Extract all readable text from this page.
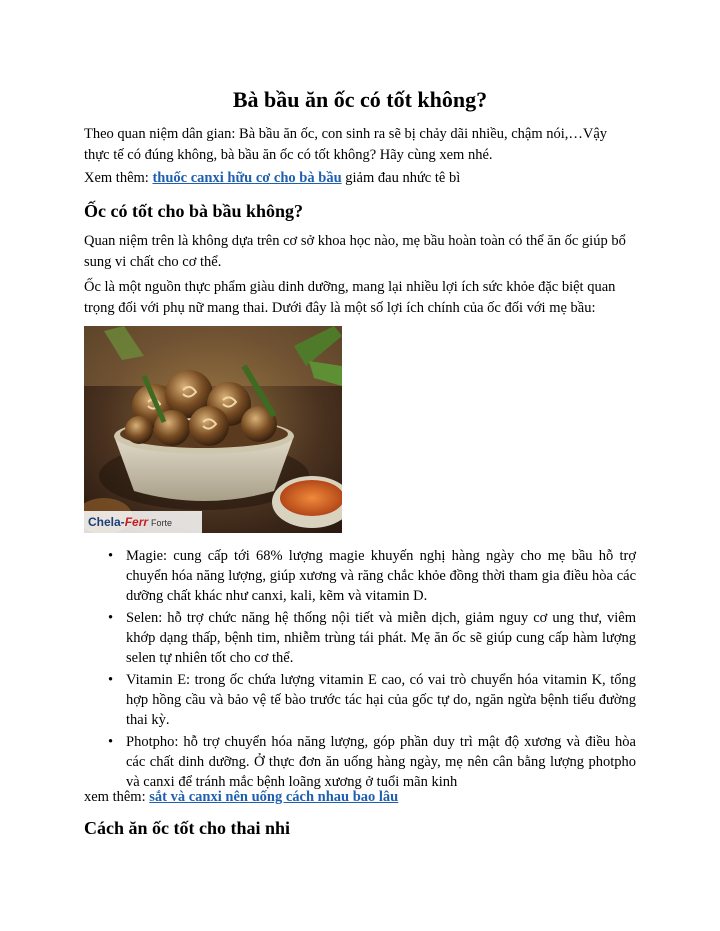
Bà bầu ăn ốc có tốt không?

Theo quan niệm dân gian: Bà bầu ăn ốc, con sinh ra sẽ bị chảy dãi nhiều, chậm nói,…Vậy thực tế có đúng không, bà bầu ăn ốc có tốt không? Hãy cùng xem nhé.

Xem thêm: thuốc canxi hữu cơ cho bà bầu giảm đau nhức tê bì

Ốc có tốt cho bà bầu không?

Quan niệm trên là không dựa trên cơ sở khoa học nào, mẹ bầu hoàn toàn có thể ăn ốc giúp bổ sung vi chất cho cơ thể.

Ốc là một nguồn thực phẩm giàu dinh dưỡng, mang lại nhiều lợi ích sức khỏe đặc biệt quan trọng đối với phụ nữ mang thai. Dưới đây là một số lợi ích chính của ốc đối với mẹ bầu:

Chela-Ferr Forte
• Magie: cung cấp tới 68% lượng magie khuyến nghị hàng ngày cho mẹ bầu hỗ trợ chuyển hóa năng lượng, giúp xương và răng chắc khỏe đồng thời tham gia điều hòa các dưỡng chất khác như canxi, kali, kẽm và vitamin D.
• Selen: hỗ trợ chức năng hệ thống nội tiết và miễn dịch, giảm nguy cơ ung thư, viêm khớp dạng thấp, bệnh tim, nhiễm trùng tái phát. Mẹ ăn ốc sẽ giúp cung cấp hàm lượng selen tự nhiên tốt cho cơ thể.
• Vitamin E: trong ốc chứa lượng vitamin E cao, có vai trò chuyển hóa vitamin K, tổng hợp hồng cầu và bảo vệ tế bào trước tác hại của gốc tự do, ngăn ngừa bệnh tiểu đường thai kỳ.
• Photpho: hỗ trợ chuyển hóa năng lượng, góp phần duy trì mật độ xương và điều hòa các chất dinh dưỡng. Ở thực đơn ăn uống hàng ngày, mẹ nên cân bằng lượng photpho và canxi để tránh mắc bệnh loãng xương ở tuổi mãn kinh

xem thêm: sắt và canxi nên uống cách nhau bao lâu

Cách ăn ốc tốt cho thai nhi
